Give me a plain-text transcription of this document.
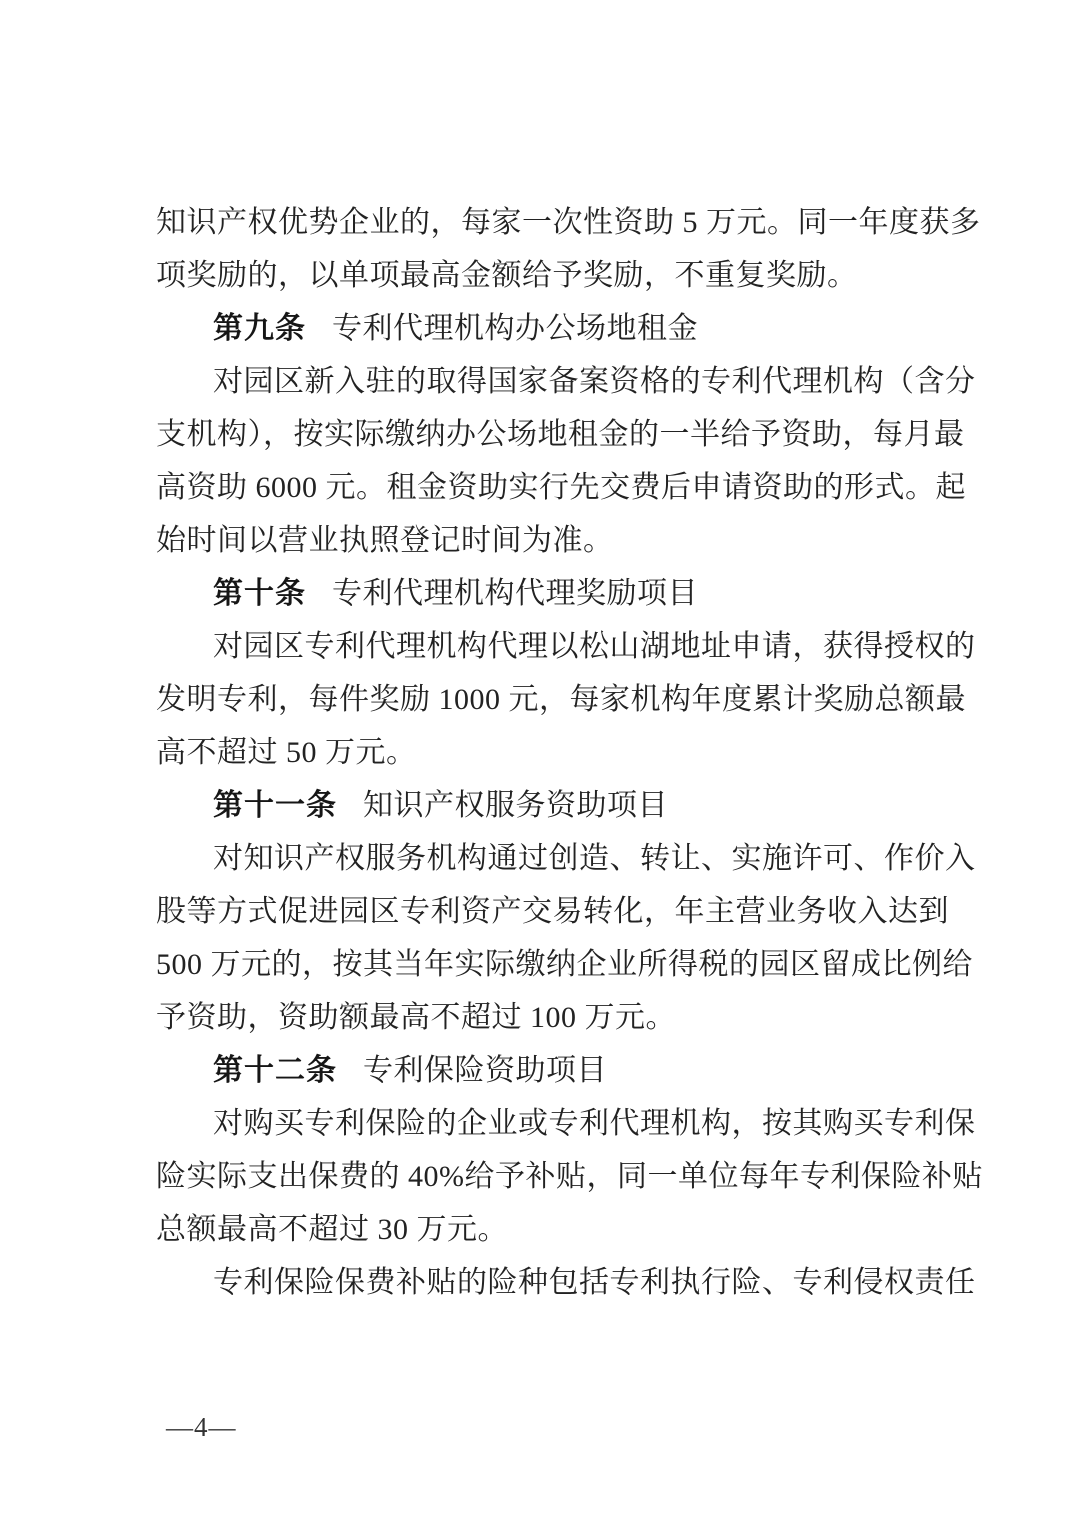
知识产权优势企业的，每家一次性资助 5 万元。同一年度获多
项奖励的，以单项最高金额给予奖励，不重复奖励。
第九条 专利代理机构办公场地租金
对园区新入驻的取得国家备案资格的专利代理机构（含分
支机构），按实际缴纳办公场地租金的一半给予资助，每月最
高资助 6000 元。租金资助实行先交费后申请资助的形式。起
始时间以营业执照登记时间为准。
第十条 专利代理机构代理奖励项目
对园区专利代理机构代理以松山湖地址申请，获得授权的
发明专利，每件奖励 1000 元，每家机构年度累计奖励总额最
高不超过 50 万元。
第十一条 知识产权服务资助项目
对知识产权服务机构通过创造、转让、实施许可、作价入
股等方式促进园区专利资产交易转化，年主营业务收入达到
500 万元的，按其当年实际缴纳企业所得税的园区留成比例给
予资助，资助额最高不超过 100 万元。
第十二条 专利保险资助项目
对购买专利保险的企业或专利代理机构，按其购买专利保
险实际支出保费的 40%给予补贴，同一单位每年专利保险补贴
总额最高不超过 30 万元。
专利保险保费补贴的险种包括专利执行险、专利侵权责任
—4—
